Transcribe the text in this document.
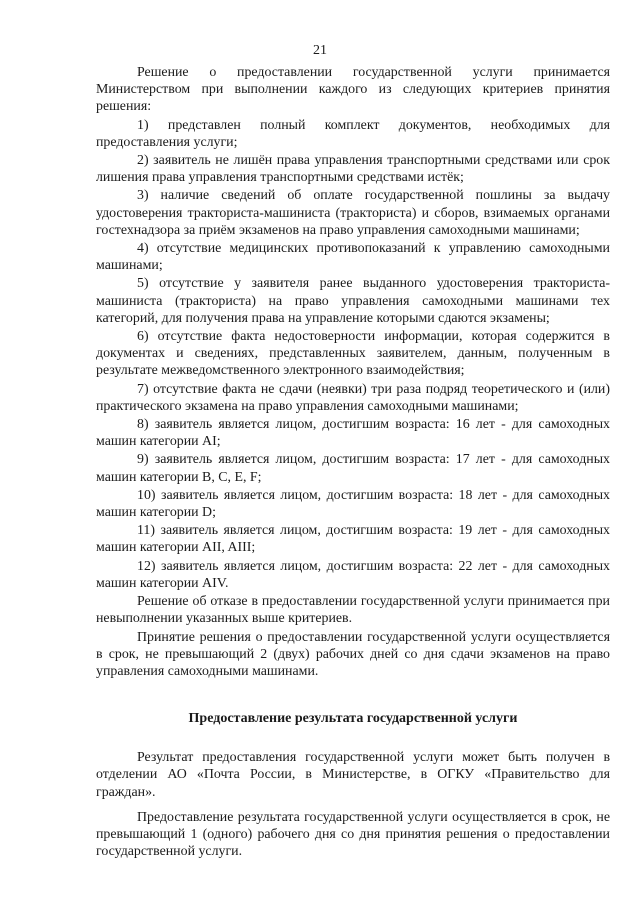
21

Решение о предоставлении государственной услуги принимается Министерством при выполнении каждого из следующих критериев принятия решения:

1) представлен полный комплект документов, необходимых для предоставления услуги;

2) заявитель не лишён права управления транспортными средствами или срок лишения права управления транспортными средствами истёк;

3) наличие сведений об оплате государственной пошлины за выдачу удостоверения тракториста-машиниста (тракториста) и сборов, взимаемых органами гостехнадзора за приём экзаменов на право управления самоходными машинами;

4) отсутствие медицинских противопоказаний к управлению самоходными машинами;

5) отсутствие у заявителя ранее выданного удостоверения тракториста-машиниста (тракториста) на право управления самоходными машинами тех категорий, для получения права на управление которыми сдаются экзамены;

6) отсутствие факта недостоверности информации, которая содержится в документах и сведениях, представленных заявителем, данным, полученным в результате межведомственного электронного взаимодействия;

7) отсутствие факта не сдачи (неявки) три раза подряд теоретического и (или) практического экзамена на право управления самоходными машинами;

8) заявитель является лицом, достигшим возраста: 16 лет - для самоходных машин категории AI;

9) заявитель является лицом, достигшим возраста: 17 лет - для самоходных машин категории B, C, E, F;

10) заявитель является лицом, достигшим возраста: 18 лет - для самоходных машин категории D;

11) заявитель является лицом, достигшим возраста: 19 лет - для самоходных машин категории AII, AIII;

12) заявитель является лицом, достигшим возраста: 22 лет - для самоходных машин категории AIV.

Решение об отказе в предоставлении государственной услуги принимается при невыполнении указанных выше критериев.

Принятие решения о предоставлении государственной услуги осуществляется в срок, не превышающий 2 (двух) рабочих дней со дня сдачи экзаменов на право управления самоходными машинами.

Предоставление результата государственной услуги

Результат предоставления государственной услуги может быть получен в отделении АО «Почта России, в Министерстве, в ОГКУ «Правительство для граждан».

Предоставление результата государственной услуги осуществляется в срок, не превышающий 1 (одного) рабочего дня со дня принятия решения о предоставлении государственной услуги.
